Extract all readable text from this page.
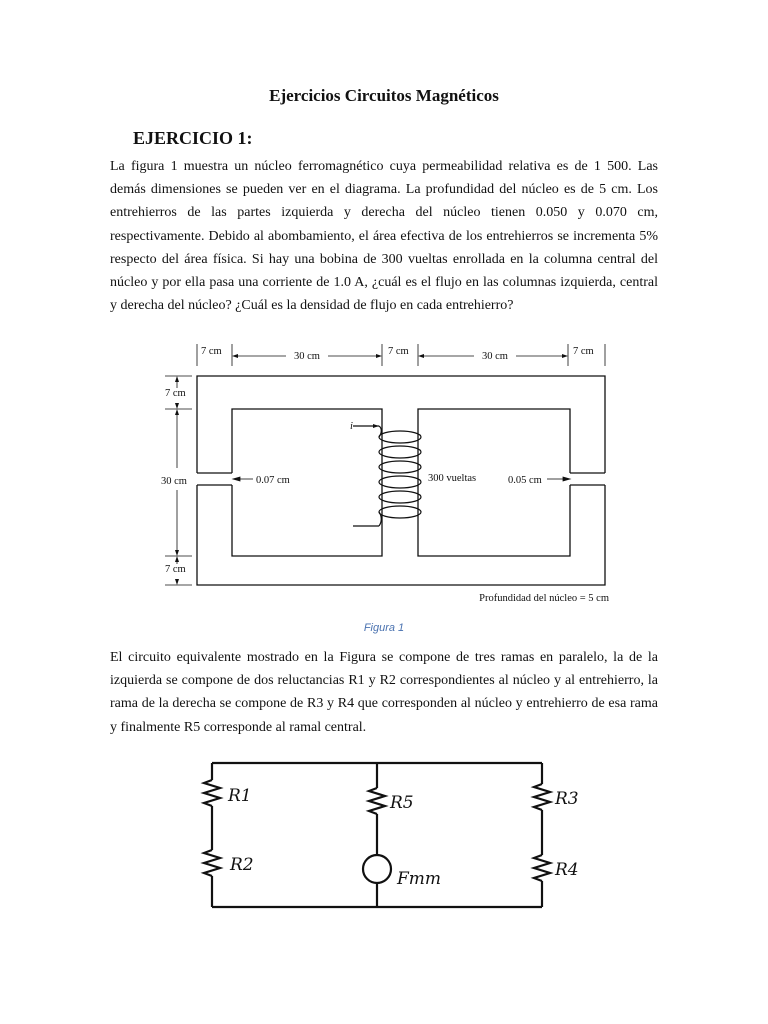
Ejercicios Circuitos Magnéticos
EJERCICIO 1:

La figura 1 muestra un núcleo ferromagnético cuya permeabilidad relativa es de 1 500. Las demás dimensiones se pueden ver en el diagrama. La profundidad del núcleo es de 5 cm. Los entrehierros de las partes izquierda y derecha del núcleo tienen 0.050 y 0.070 cm, respectivamente. Debido al abombamiento, el área efectiva de los entrehierros se incrementa 5% respecto del área física. Si hay una bobina de 300 vueltas enrollada en la columna central del núcleo y por ella pasa una corriente de 1.0 A, ¿cuál es el flujo en las columnas izquierda, central y derecha del núcleo? ¿Cuál es la densidad de flujo en cada entrehierro?

7 cm	30 cm	7 cm	30 cm	7 cm
7 cm
30 cm
7 cm
0.07 cm	0.05 cm
i
300 vueltas
Profundidad del núcleo = 5 cm
Figura 1

El circuito equivalente mostrado en la Figura se compone de tres ramas en paralelo, la de la izquierda se compone de dos reluctancias R1 y R2 correspondientes al núcleo y al entrehierro, la rama de la derecha se compone de R3 y R4 que corresponden al núcleo y entrehierro de esa rama y finalmente R5 corresponde al ramal central.

R1
R2
R5
Fmm
R3
R4
